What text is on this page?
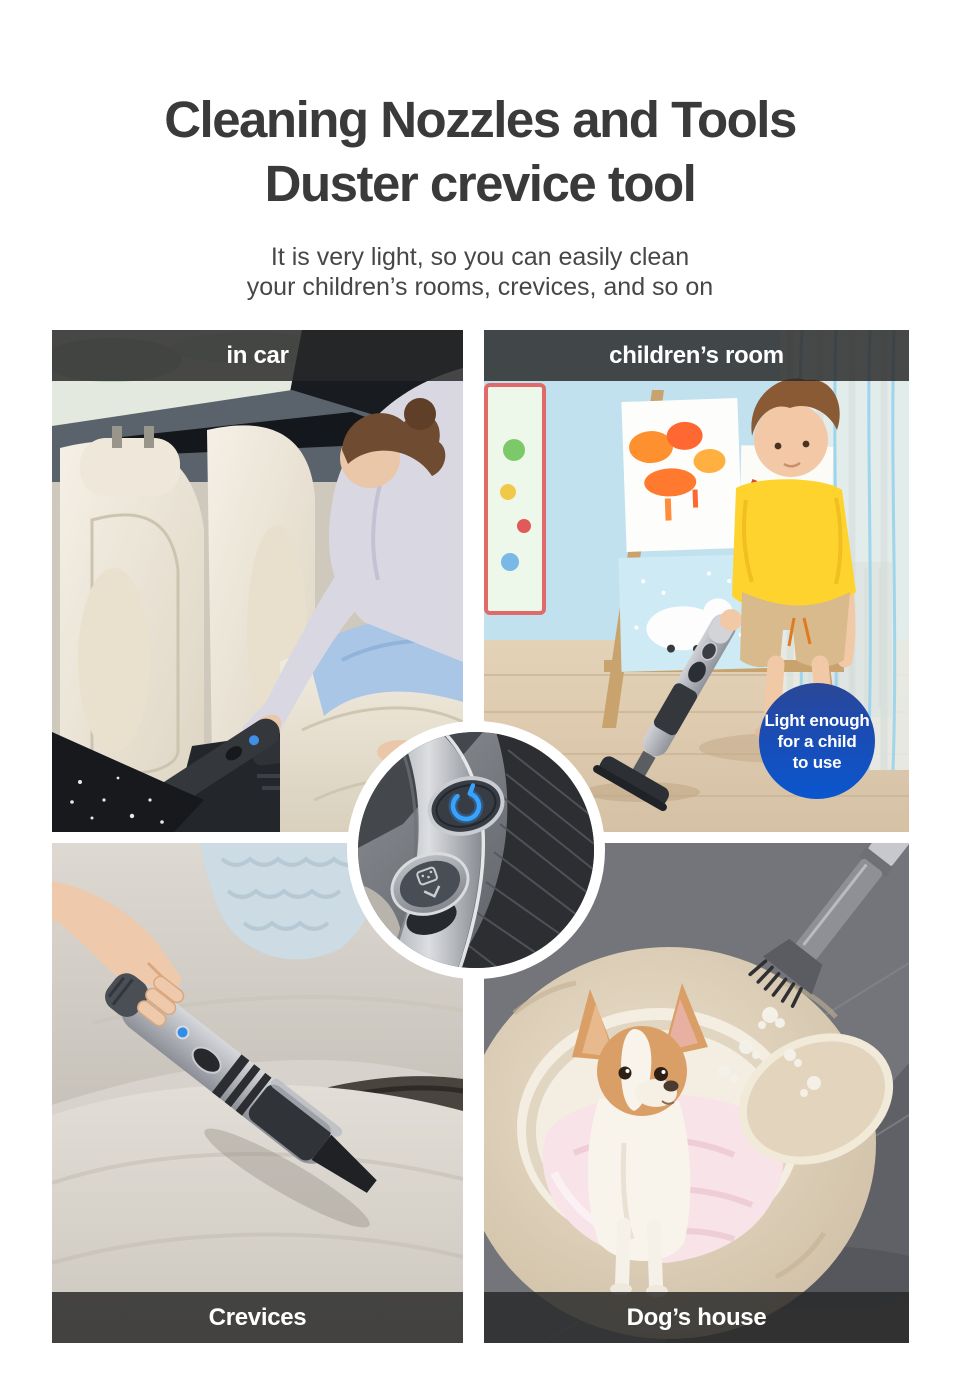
Cleaning Nozzles and Tools
Duster crevice tool

It is very light, so you can easily clean
your children’s rooms, crevices, and so on

in car	children’s room
Light enough
for a child
to use
Crevices	Dog’s house
